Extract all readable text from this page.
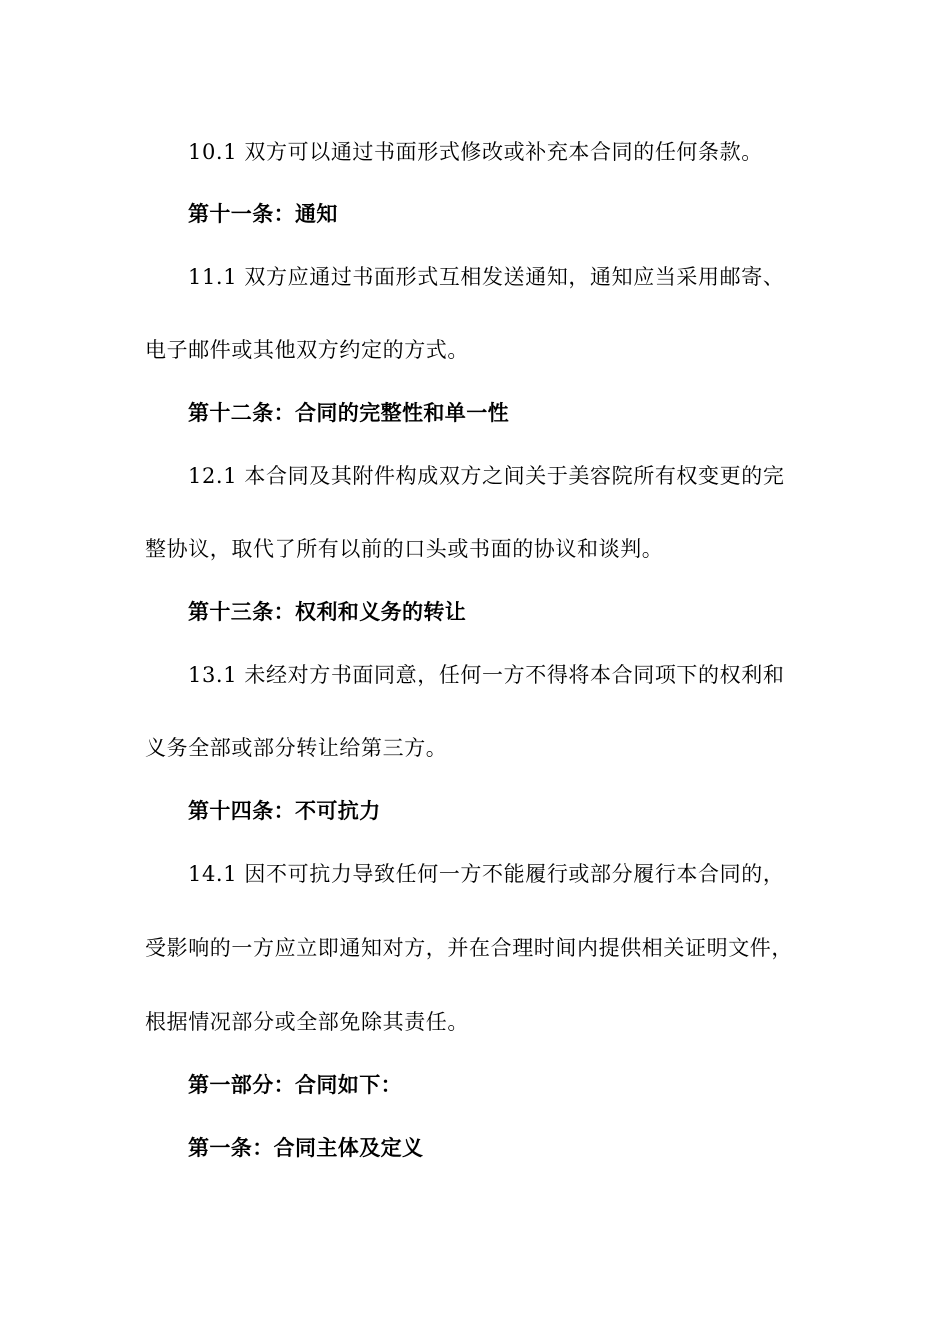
10.1 双方可以通过书面形式修改或补充本合同的任何条款。
第十一条：通知
11.1 双方应通过书面形式互相发送通知，通知应当采用邮寄、
电子邮件或其他双方约定的方式。
第十二条：合同的完整性和单一性
12.1 本合同及其附件构成双方之间关于美容院所有权变更的完
整协议，取代了所有以前的口头或书面的协议和谈判。
第十三条：权利和义务的转让
13.1 未经对方书面同意，任何一方不得将本合同项下的权利和
义务全部或部分转让给第三方。
第十四条：不可抗力
14.1 因不可抗力导致任何一方不能履行或部分履行本合同的，
受影响的一方应立即通知对方，并在合理时间内提供相关证明文件，
根据情况部分或全部免除其责任。
第一部分：合同如下：
第一条：合同主体及定义
